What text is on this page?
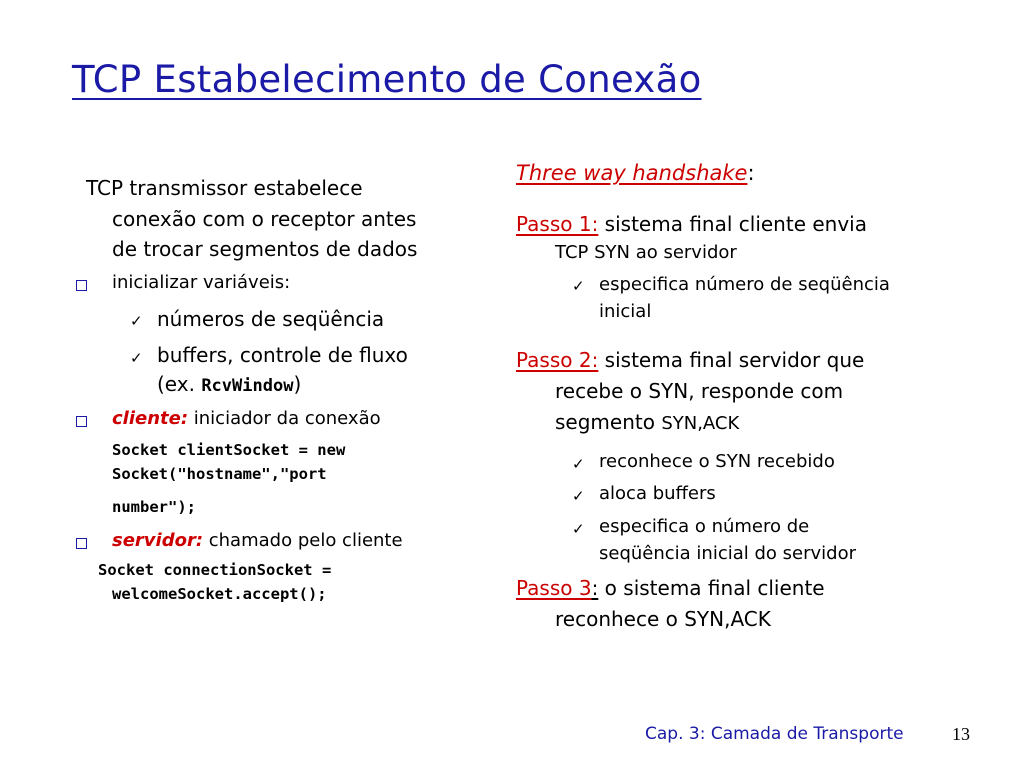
TCP Estabelecimento de Conexão
TCP transmissor estabelece
conexão com o receptor antes
de trocar segmentos de dados
inicializar variáveis:
✓ números de seqüência
✓ buffers, controle de fluxo
(ex. RcvWindow)
cliente: iniciador da conexão
Socket clientSocket = new
Socket("hostname","port
number");
servidor: chamado pelo cliente
Socket connectionSocket =
welcomeSocket.accept();
Three way handshake:
Passo 1: sistema final cliente envia
TCP SYN ao servidor
✓ especifica número de seqüência
inicial
Passo 2: sistema final servidor que
recebe o SYN, responde com
segmento SYN,ACK
✓ reconhece o SYN recebido
✓ aloca buffers
✓ especifica o número de
seqüência inicial do servidor
Passo 3: o sistema final cliente
reconhece o SYN,ACK
Cap. 3: Camada de Transporte	13
